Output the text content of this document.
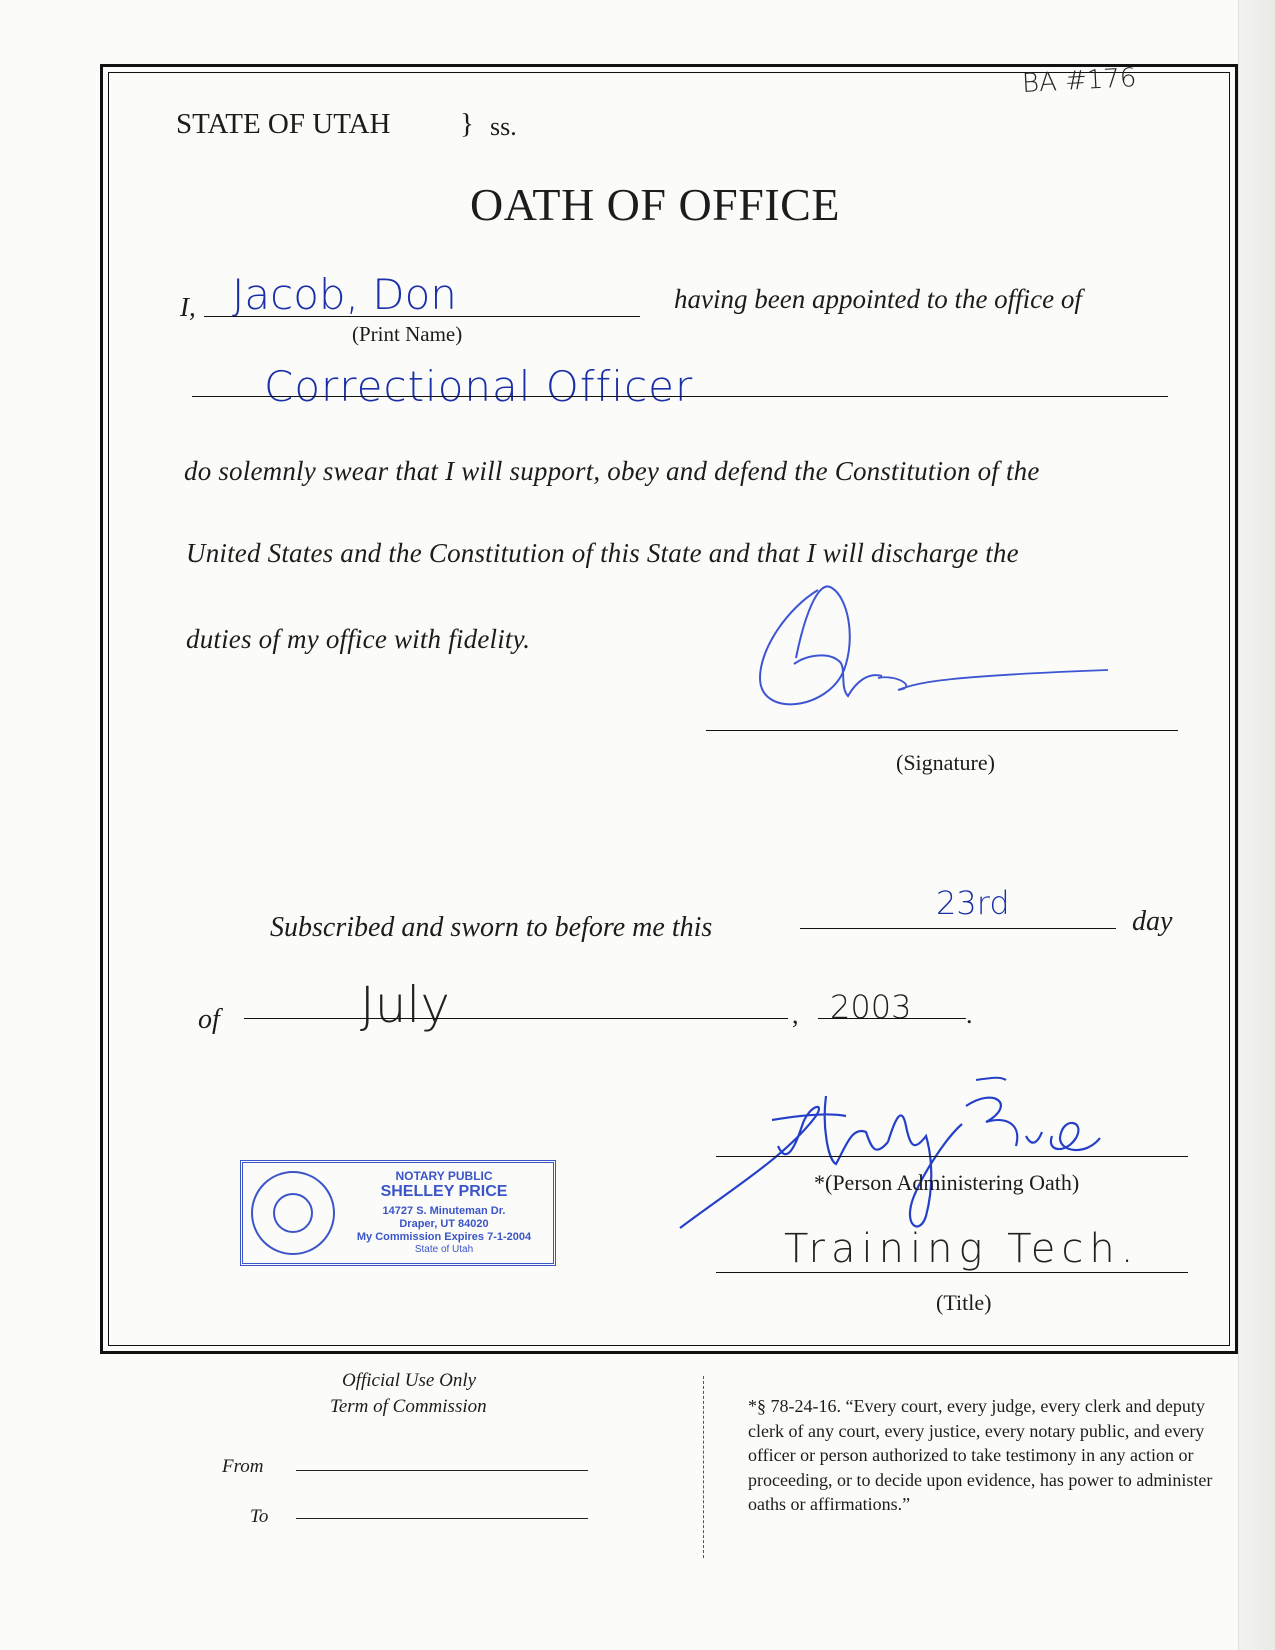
BA #176
STATE OF UTAH } ss.
OATH OF OFFICE
I, Jacob, Don
(Print Name)
having been appointed to the office of
Correctional Officer
do solemnly swear that I will support, obey and defend the Constitution of the
United States and the Constitution of this State and that I will discharge the
duties of my office with fidelity.
(Signature)
Subscribed and sworn to before me this
23rd	day
of	July	, 2003 .
*(Person Administering Oath)
Training Tech.
(Title)
NOTARY PUBLIC
SHELLEY PRICE
14727 S. Minuteman Dr.
Draper, UT 84020
My Commission Expires 7-1-2004
State of Utah
Official Use Only
Term of Commission
From
To
*§ 78-24-16. “Every court, every judge, every clerk and deputy clerk of any court, every justice, every notary public, and every officer or person authorized to take testimony in any action or proceeding, or to decide upon evidence, has power to administer oaths or affirmations.”
